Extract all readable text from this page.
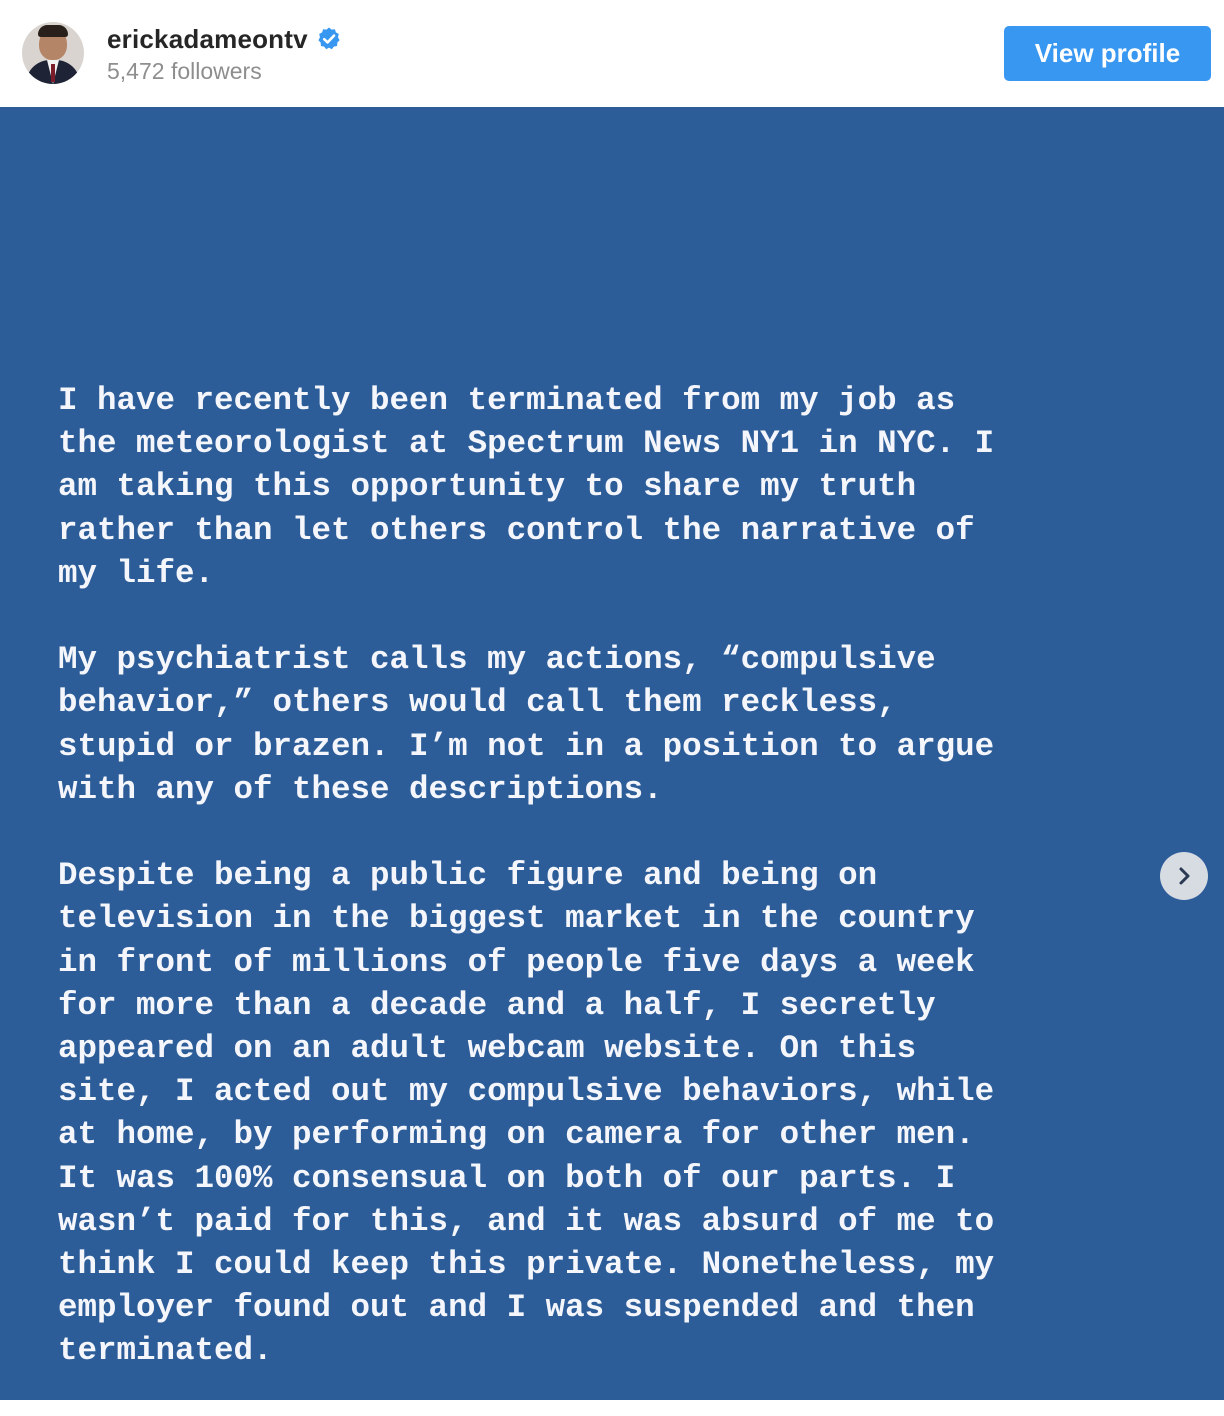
erickadameontv
5,472 followers
View profile

I have recently been terminated from my job as
the meteorologist at Spectrum News NY1 in NYC. I
am taking this opportunity to share my truth
rather than let others control the narrative of
my life.

My psychiatrist calls my actions, “compulsive
behavior,” others would call them reckless,
stupid or brazen. I’m not in a position to argue
with any of these descriptions.

Despite being a public figure and being on
television in the biggest market in the country
in front of millions of people five days a week
for more than a decade and a half, I secretly
appeared on an adult webcam website. On this
site, I acted out my compulsive behaviors, while
at home, by performing on camera for other men.
It was 100% consensual on both of our parts. I
wasn’t paid for this, and it was absurd of me to
think I could keep this private. Nonetheless, my
employer found out and I was suspended and then
terminated.
